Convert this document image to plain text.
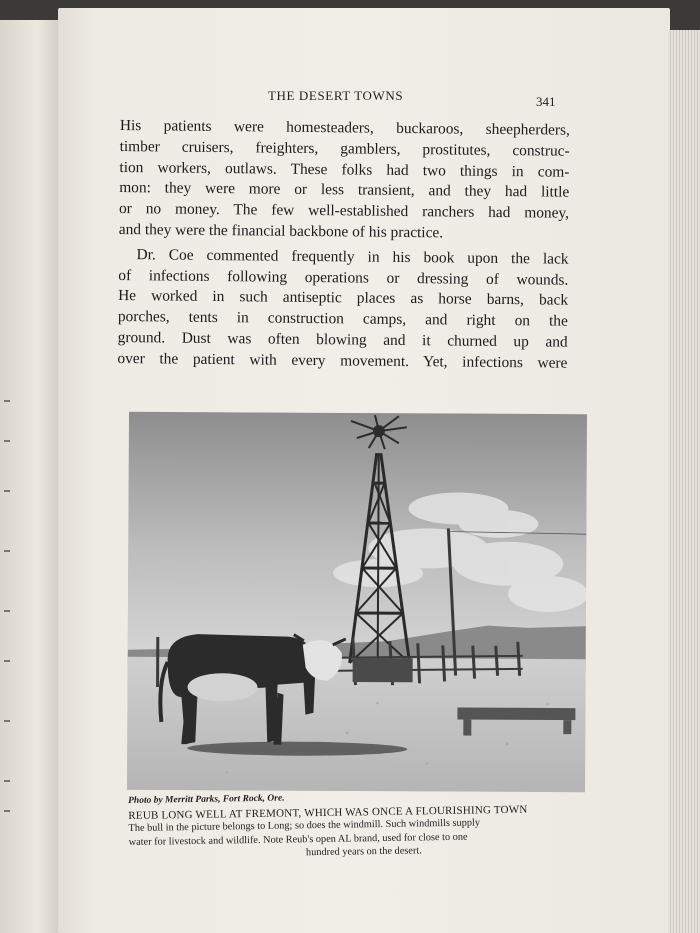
THE DESERT TOWNS	341

His patients were homesteaders, buckaroos, sheepherders,
timber cruisers, freighters, gamblers, prostitutes, construc-
tion workers, outlaws. These folks had two things in com-
mon: they were more or less transient, and they had little
or no money. The few well-established ranchers had money,
and they were the financial backbone of his practice.

Dr. Coe commented frequently in his book upon the lack
of infections following operations or dressing of wounds.
He worked in such antiseptic places as horse barns, back
porches, tents in construction camps, and right on the
ground. Dust was often blowing and it churned up and
over the patient with every movement. Yet, infections were

Photo by Merritt Parks, Fort Rock, Ore.

REUB LONG WELL AT FREMONT, WHICH WAS ONCE A FLOURISHING TOWN

The bull in the picture belongs to Long; so does the windmill. Such windmills supply
water for livestock and wildlife. Note Reub's open AL brand, used for close to one
hundred years on the desert.
